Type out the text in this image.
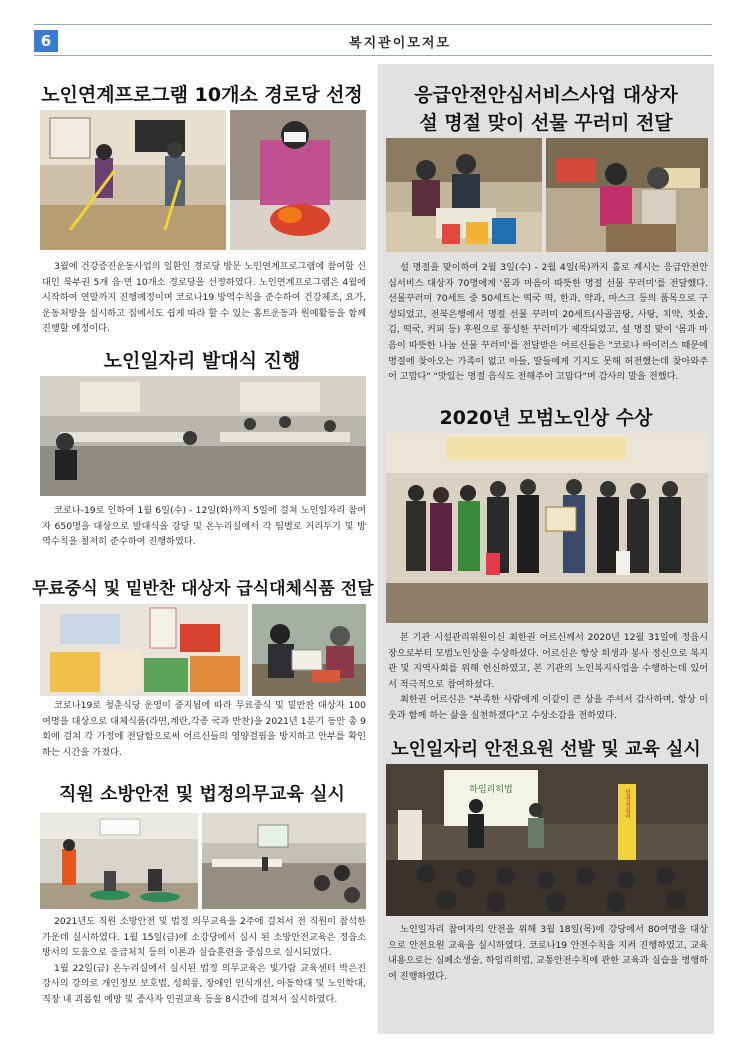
6	복지관이모저모
노인연계프로그램 10개소 경로당 선정

3월에 건강증진운동사업의 일환인 경로당 방문 노인연계프로그램에 참여할 신대인 북부권 5개 읍·면 10개소 경로당을 선정하였다. 노인연계프로그램은 4월에 시작하여 연말까지 진행예정이며 코로나19 방역수칙을 준수하여 건강체조, 요가, 운동처방을 실시하고 집에서도 쉽게 따라 할 수 있는 홈트운동과 원예활동을 함께 진행할 예정이다.

노인일자리 발대식 진행

코로나-19로 인하여 1월 6일(수) - 12일(화)까지 5일에 걸쳐 노인일자리 참여자 650명을 대상으로 발대식을 강당 및 온누리실에서 각 팀별로 거리두기 및 방역수칙을 철저히 준수하여 진행하였다.

무료중식 및 밑반찬 대상자 급식대체식품 전달

코로나19로 청춘식당 운영이 중지됨에 따라 무료중식 및 밑반찬 대상자 100여명을 대상으로 대체식품(라면,계란,각종 국과 반찬)을 2021년 1분기 동안 총 9회에 걸쳐 각 가정에 전달함으로써 어르신들의 영양결핍을 방지하고 안부를 확인하는 시간을 가졌다.

직원 소방안전 및 법정의무교육 실시

2021년도 직원 소방안전 및 법정 의무교육을 2주에 걸쳐서 전 직원이 참석한 가운데 실시하였다. 1월 15일(금)에 소강당에서 실시 된 소방안전교육은 정읍소방서의 도움으로 응급처치 등의 이론과 실습훈련을 중심으로 실시되었다.

1월 22일(금) 온누리실에서 실시된 법정 의무교육은 빛가람 교육센터 박은진 강사의 강의로 개인정보 보호법, 성희롱, 장애인 인식개선, 아동학대 및 노인학대, 직장 내 괴롭힘 예방 및 종사자 인권교육 등을 8시간에 걸쳐서 실시하였다.

응급안전안심서비스사업 대상자
설 명절 맞이 선물 꾸러미 전달

설 명절을 맞이하여 2월 3일(수) - 2월 4일(목)까지 홀로 계시는 응급안전안심서비스 대상자 70명에게 '몸과 마음이 따뜻한 명절 선물 꾸러미'를 전달했다. 선물꾸러미 70세트 중 50세트는 떡국 떡, 한과, 약과, 마스크 등의 품목으로 구성되었고, 전북은행에서 명절 선물 꾸러미 20세트(사골곰탕, 사탕, 치약, 칫솔, 김, 떡국, 커피 등) 후원으로 풍성한 꾸러미가 제작되었고, 설 명절 맞이 '몸과 마음이 따뜻한 나눔 선물 꾸러미'를 전달받은 어르신들은 "코로나 바이러스 때문에 명절에 찾아오는 가족이 없고 아들, 딸들에게 기지도 못해 허전했는데 찾아와주어 고맙다" "맛있는 명절 음식도 전해주어 고맙다"며 감사의 말을 전했다.

2020년 모범노인상 수상

본 기관 시설관리위원이신 최한권 어르신께서 2020년 12월 31일에 정읍시장으로부터 모범노인상을 수상하셨다. 어르신은 항상 희생과 봉사 정신으로 복지관 및 지역사회를 위해 헌신하였고, 본 기관의 노인복지사업을 수행하는데 있어서 적극적으로 참여하셨다.

최한권 어르신은 "부족한 사람에게 이같이 큰 상을 주셔서 감사하며, 항상 이웃과 함께 하는 삶을 실천하겠다"고 수상소감을 전하였다.

노인일자리 안전요원 선발 및 교육 실시
하임리히법	인권지킴이

노인일자리 참여자의 안전을 위해 3월 18일(목)에 강당에서 80여명을 대상으로 안전요원 교육을 실시하였다. 코로나19 안전수칙을 지켜 진행하였고, 교육내용으로는 심폐소생술, 하임리히법, 교통안전수칙에 관한 교육과 실습을 병행하여 진행하였다.
